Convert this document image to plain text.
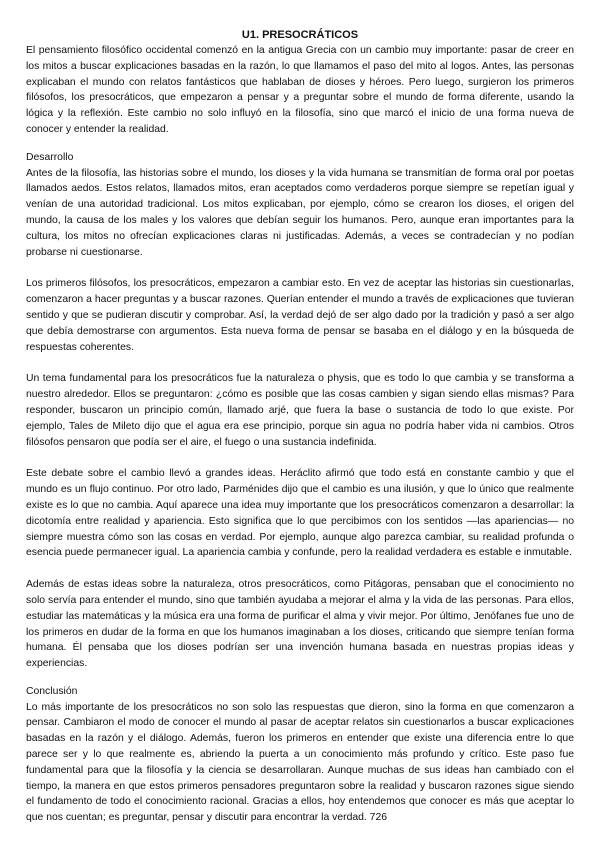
U1. PRESOCRÁTICOS

El pensamiento filosófico occidental comenzó en la antigua Grecia con un cambio muy importante: pasar de creer en los mitos a buscar explicaciones basadas en la razón, lo que llamamos el paso del mito al logos. Antes, las personas explicaban el mundo con relatos fantásticos que hablaban de dioses y héroes. Pero luego, surgieron los primeros filósofos, los presocráticos, que empezaron a pensar y a preguntar sobre el mundo de forma diferente, usando la lógica y la reflexión. Este cambio no solo influyó en la filosofía, sino que marcó el inicio de una forma nueva de conocer y entender la realidad.

Desarrollo

Antes de la filosofía, las historias sobre el mundo, los dioses y la vida humana se transmitían de forma oral por poetas llamados aedos. Estos relatos, llamados mitos, eran aceptados como verdaderos porque siempre se repetían igual y venían de una autoridad tradicional. Los mitos explicaban, por ejemplo, cómo se crearon los dioses, el origen del mundo, la causa de los males y los valores que debían seguir los humanos. Pero, aunque eran importantes para la cultura, los mitos no ofrecían explicaciones claras ni justificadas. Además, a veces se contradecían y no podían probarse ni cuestionarse.

Los primeros filósofos, los presocráticos, empezaron a cambiar esto. En vez de aceptar las historias sin cuestionarlas, comenzaron a hacer preguntas y a buscar razones. Querían entender el mundo a través de explicaciones que tuvieran sentido y que se pudieran discutir y comprobar. Así, la verdad dejó de ser algo dado por la tradición y pasó a ser algo que debía demostrarse con argumentos. Esta nueva forma de pensar se basaba en el diálogo y en la búsqueda de respuestas coherentes.

Un tema fundamental para los presocráticos fue la naturaleza o physis, que es todo lo que cambia y se transforma a nuestro alrededor. Ellos se preguntaron: ¿cómo es posible que las cosas cambien y sigan siendo ellas mismas? Para responder, buscaron un principio común, llamado arjé, que fuera la base o sustancia de todo lo que existe. Por ejemplo, Tales de Mileto dijo que el agua era ese principio, porque sin agua no podría haber vida ni cambios. Otros filósofos pensaron que podía ser el aire, el fuego o una sustancia indefinida.

Este debate sobre el cambio llevó a grandes ideas. Heráclito afirmó que todo está en constante cambio y que el mundo es un flujo continuo. Por otro lado, Parménides dijo que el cambio es una ilusión, y que lo único que realmente existe es lo que no cambia. Aquí aparece una idea muy importante que los presocráticos comenzaron a desarrollar: la dicotomía entre realidad y apariencia. Esto significa que lo que percibimos con los sentidos —las apariencias— no siempre muestra cómo son las cosas en verdad. Por ejemplo, aunque algo parezca cambiar, su realidad profunda o esencia puede permanecer igual. La apariencia cambia y confunde, pero la realidad verdadera es estable e inmutable.

Además de estas ideas sobre la naturaleza, otros presocráticos, como Pitágoras, pensaban que el conocimiento no solo servía para entender el mundo, sino que también ayudaba a mejorar el alma y la vida de las personas. Para ellos, estudiar las matemáticas y la música era una forma de purificar el alma y vivir mejor. Por último, Jenófanes fue uno de los primeros en dudar de la forma en que los humanos imaginaban a los dioses, criticando que siempre tenían forma humana. Él pensaba que los dioses podrían ser una invención humana basada en nuestras propias ideas y experiencias.

Conclusión

Lo más importante de los presocráticos no son solo las respuestas que dieron, sino la forma en que comenzaron a pensar. Cambiaron el modo de conocer el mundo al pasar de aceptar relatos sin cuestionarlos a buscar explicaciones basadas en la razón y el diálogo. Además, fueron los primeros en entender que existe una diferencia entre lo que parece ser y lo que realmente es, abriendo la puerta a un conocimiento más profundo y crítico. Este paso fue fundamental para que la filosofía y la ciencia se desarrollaran. Aunque muchas de sus ideas han cambiado con el tiempo, la manera en que estos primeros pensadores preguntaron sobre la realidad y buscaron razones sigue siendo el fundamento de todo el conocimiento racional. Gracias a ellos, hoy entendemos que conocer es más que aceptar lo que nos cuentan; es preguntar, pensar y discutir para encontrar la verdad. 726
